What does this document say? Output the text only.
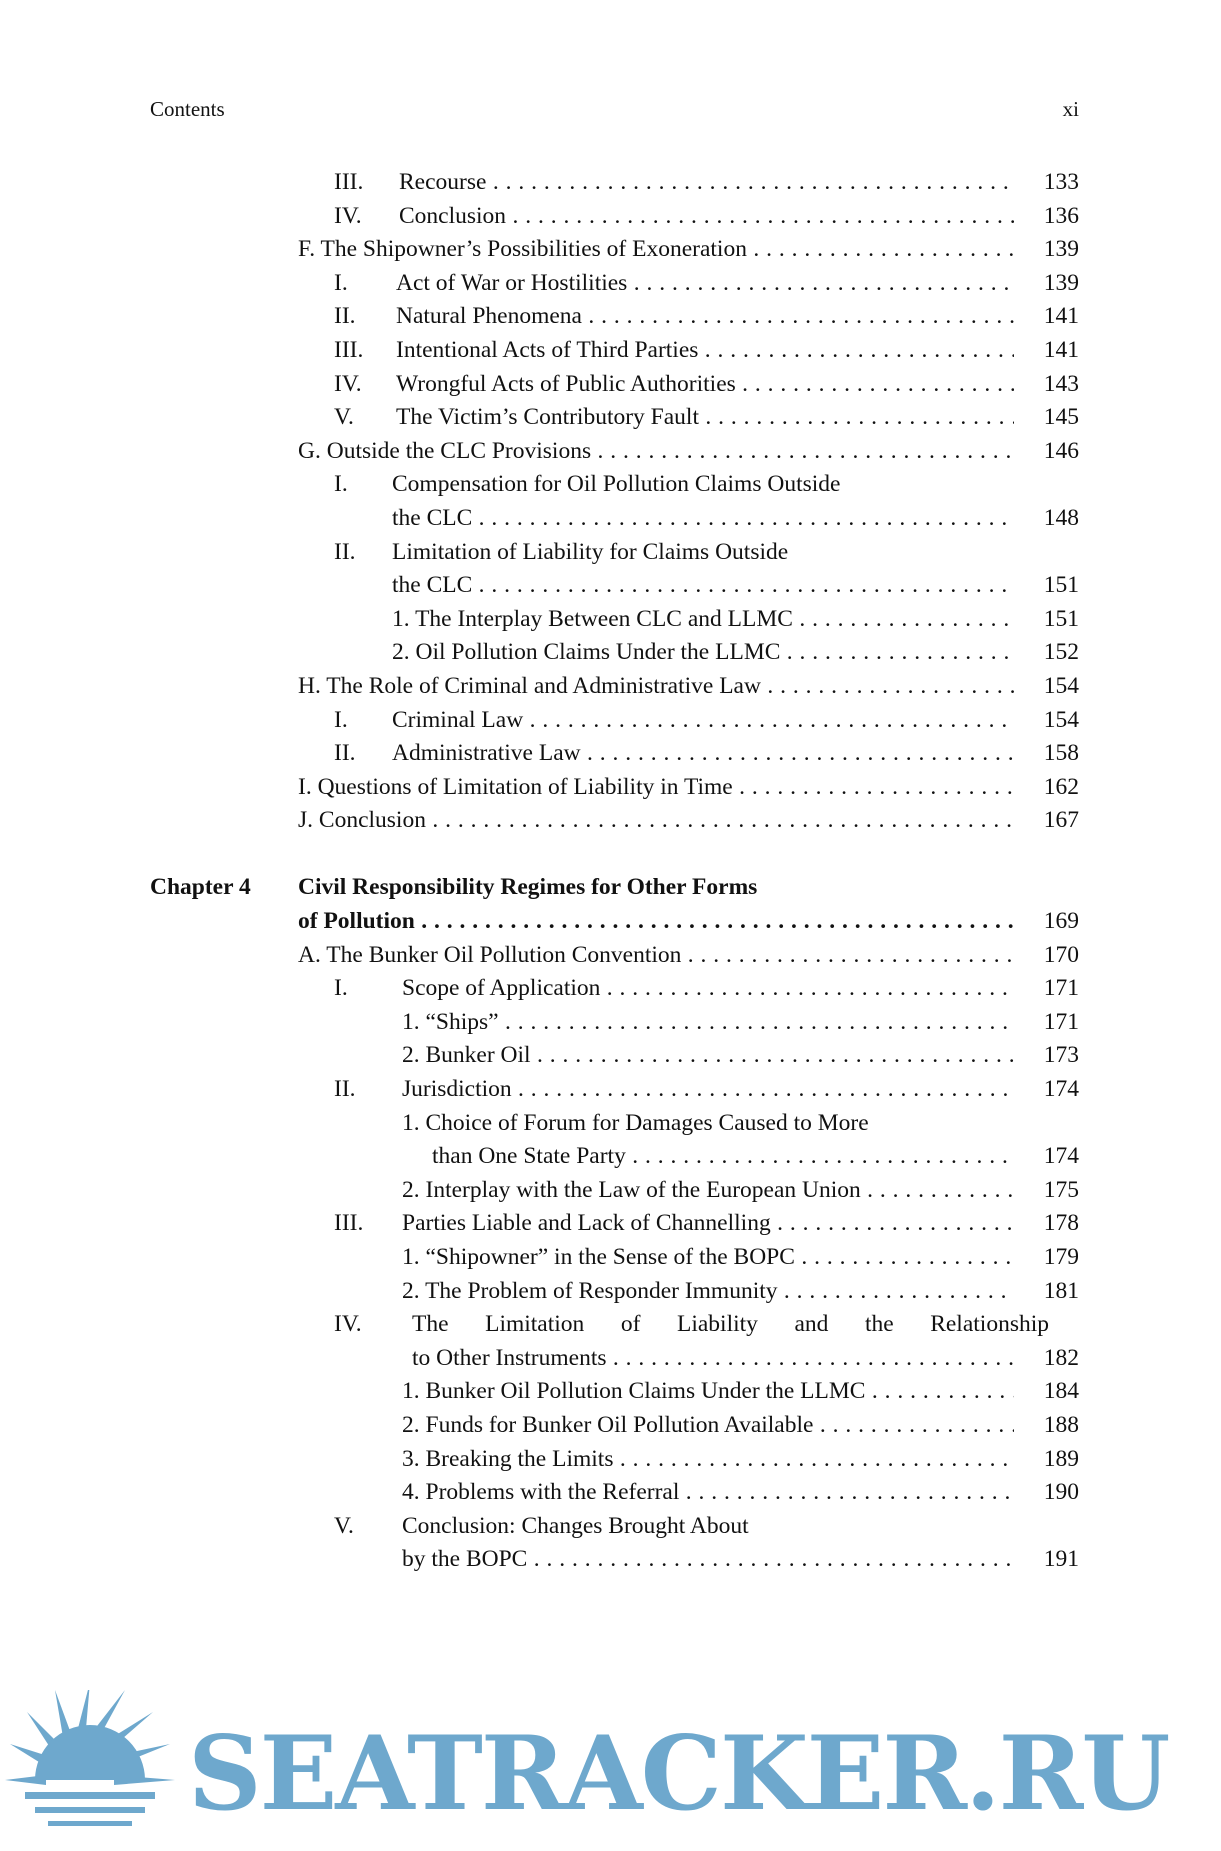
Contents	xi
III. Recourse . . .	133
IV. Conclusion . . .	136
F. The Shipowner’s Possibilities of Exoneration . . .	139
I. Act of War or Hostilities . . .	139
II. Natural Phenomena . . .	141
III. Intentional Acts of Third Parties . . .	141
IV. Wrongful Acts of Public Authorities . . .	143
V. The Victim’s Contributory Fault . . .	145
G. Outside the CLC Provisions . . .	146
I. Compensation for Oil Pollution Claims Outside
the CLC . . .	148
II. Limitation of Liability for Claims Outside
the CLC . . .	151
1. The Interplay Between CLC and LLMC . . .	151
2. Oil Pollution Claims Under the LLMC . . .	152
H. The Role of Criminal and Administrative Law . . .	154
I. Criminal Law . . .	154
II. Administrative Law . . .	158
I. Questions of Limitation of Liability in Time . . .	162
J. Conclusion . . .	167
Chapter 4 Civil Responsibility Regimes for Other Forms
of Pollution . . .	169
A. The Bunker Oil Pollution Convention . . .	170
I. Scope of Application . . .	171
1. “Ships” . . .	171
2. Bunker Oil . . .	173
II. Jurisdiction . . .	174
1. Choice of Forum for Damages Caused to More
than One State Party . . .	174
2. Interplay with the Law of the European Union . . .	175
III. Parties Liable and Lack of Channelling . . .	178
1. “Shipowner” in the Sense of the BOPC . . .	179
2. The Problem of Responder Immunity . . .	181
IV. The Limitation of Liability and the Relationship
to Other Instruments . . .	182
1. Bunker Oil Pollution Claims Under the LLMC . . .	184
2. Funds for Bunker Oil Pollution Available . . .	188
3. Breaking the Limits . . .	189
4. Problems with the Referral . . .	190
V. Conclusion: Changes Brought About
by the BOPC . . .	191
SEATRACKER.RU
